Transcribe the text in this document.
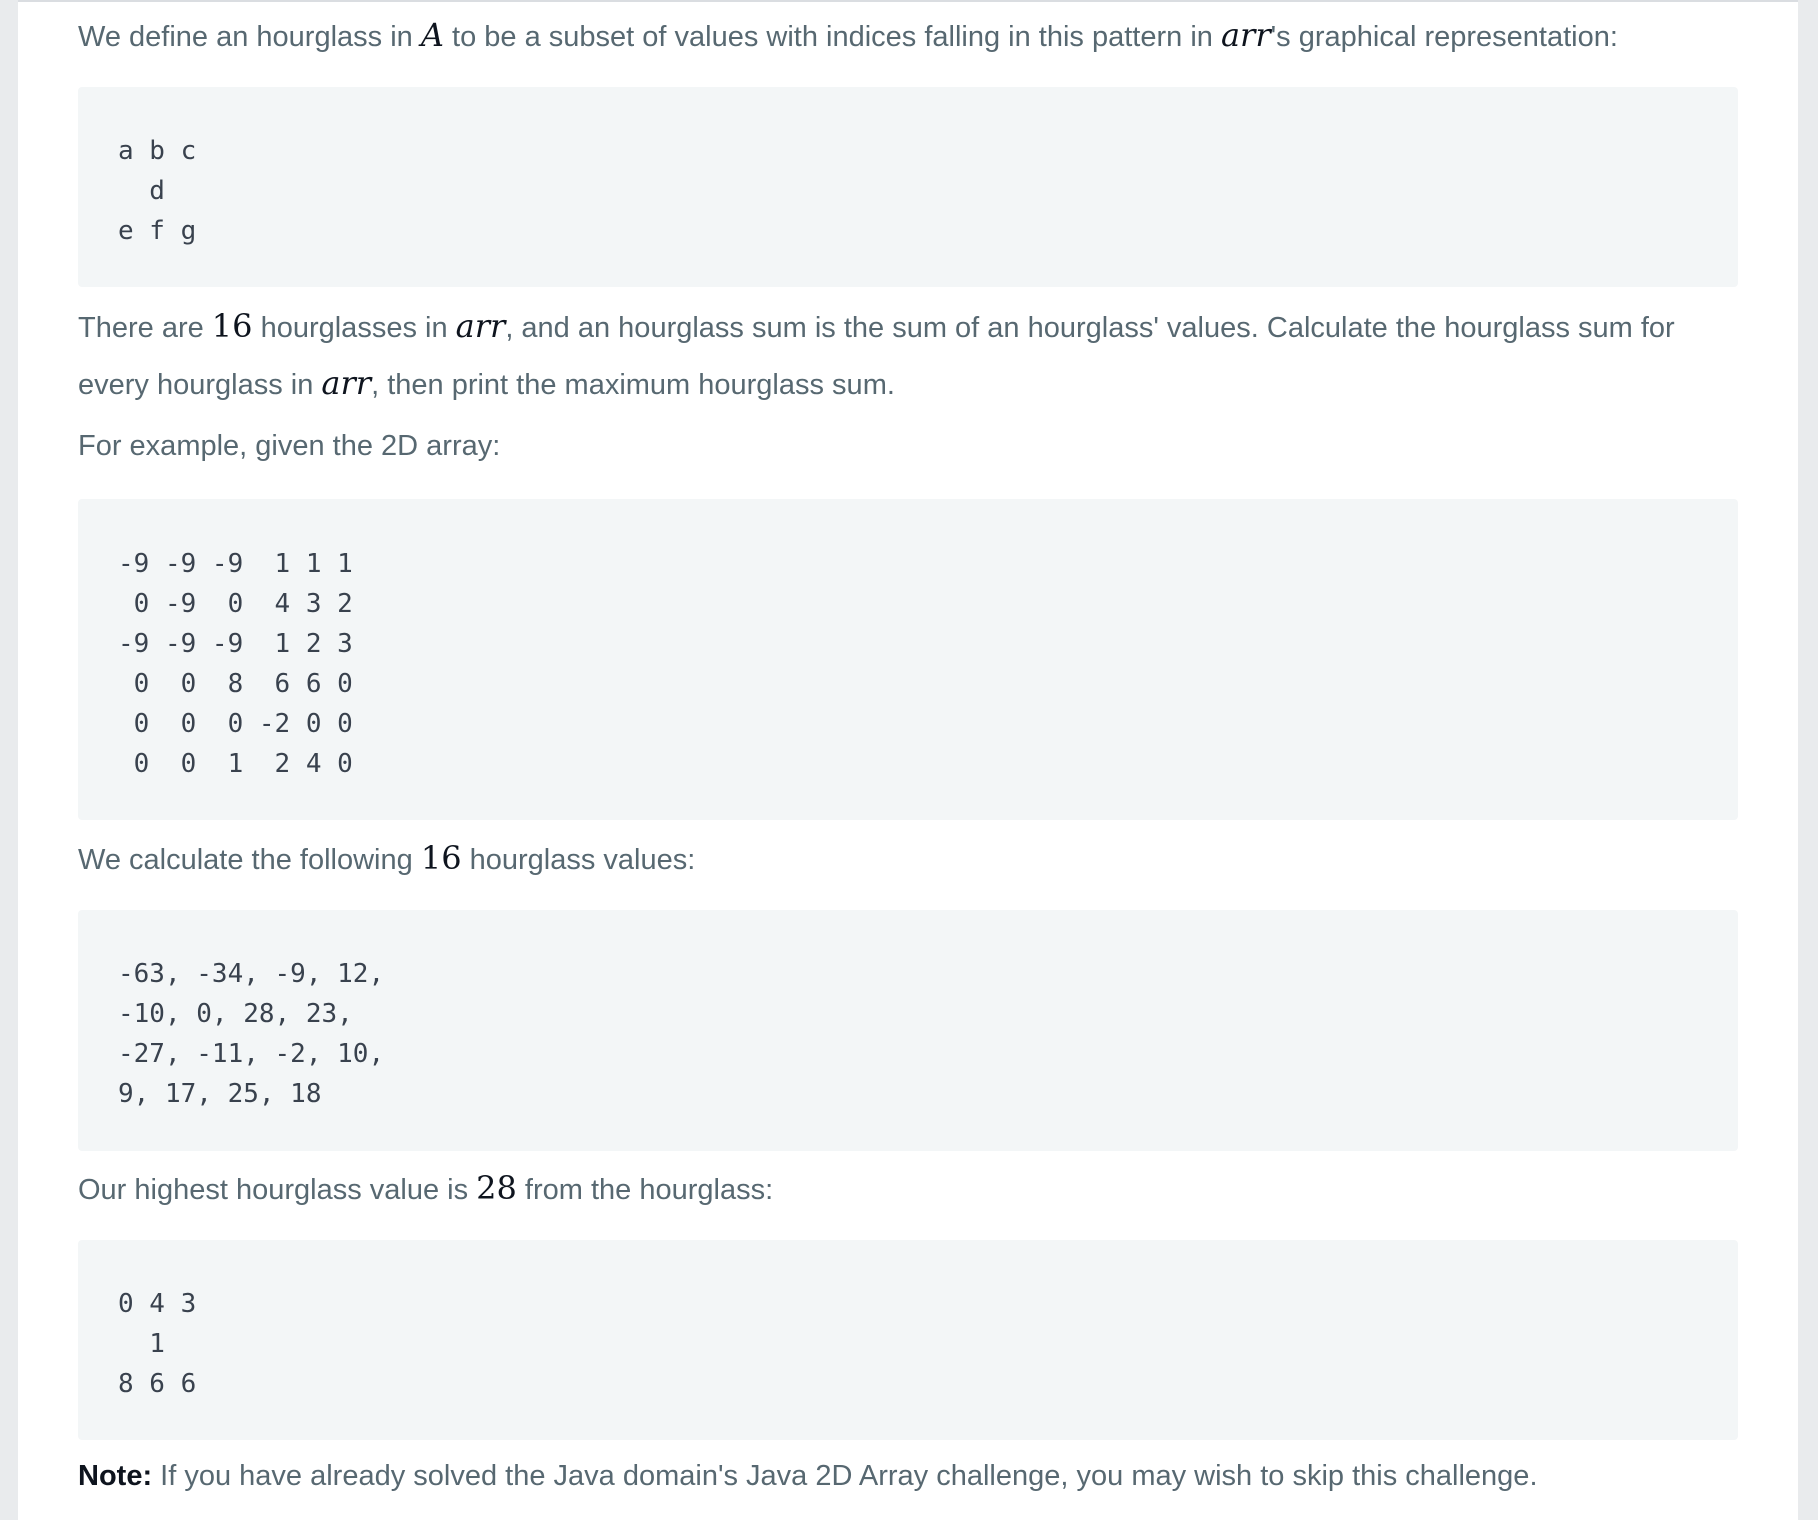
We define an hourglass in A to be a subset of values with indices falling in this pattern in arr's graphical representation:

a b c
d
e f g

There are 16 hourglasses in arr, and an hourglass sum is the sum of an hourglass' values. Calculate the hourglass sum for

every hourglass in arr, then print the maximum hourglass sum.

For example, given the 2D array:

-9 -9 -9  1 1 1
0 -9  0  4 3 2
-9 -9 -9  1 2 3
0  0  8  6 6 0
0  0  0 -2 0 0
0  0  1  2 4 0

We calculate the following 16 hourglass values:

-63, -34, -9, 12,
-10, 0, 28, 23,
-27, -11, -2, 10,
9, 17, 25, 18

Our highest hourglass value is 28 from the hourglass:

0 4 3
1
8 6 6

Note: If you have already solved the Java domain's Java 2D Array challenge, you may wish to skip this challenge.
